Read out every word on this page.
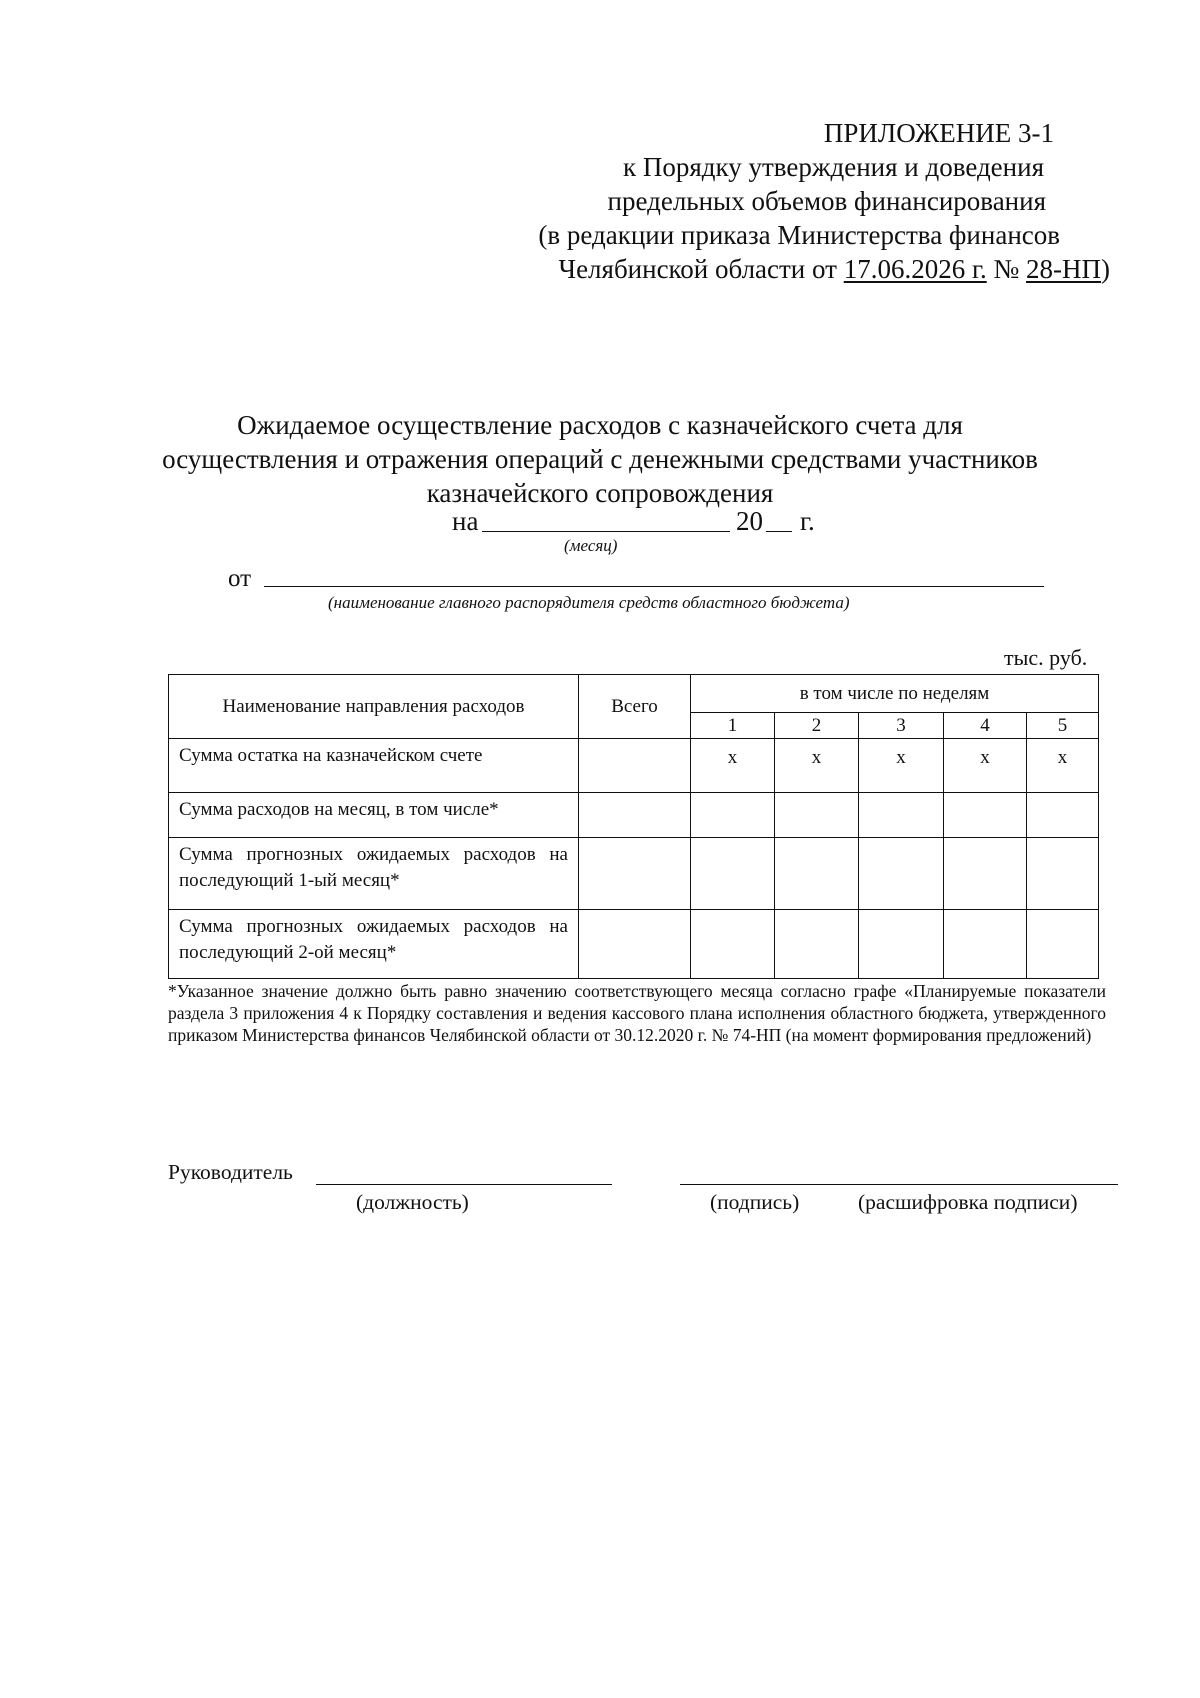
ПРИЛОЖЕНИЕ 3-1
к Порядку утверждения и доведения
предельных объемов финансирования
(в редакции приказа Министерства финансов
Челябинской области от 17.06.2026 г. № 28-НП)
Ожидаемое осуществление расходов с казначейского счета для
осуществления и отражения операций с денежными средствами участников
казначейского сопровождения
на	20 г.
(месяц)
от
(наименование главного распорядителя средств областного бюджета)
тыс. руб.
Наименование направления расходов	Всего	в том числе по неделям				
		1	2	3	4	5
Сумма остатка на казначейском счете		x	x	x	x	x
Сумма расходов на месяц, в том числе*						
Сумма прогнозных ожидаемых расходов на последующий 1-ый месяц*						
Сумма прогнозных ожидаемых расходов на последующий 2-ой месяц*						
*Указанное значение должно быть равно значению соответствующего месяца согласно графе «Планируемые показатели раздела 3 приложения 4 к Порядку составления и ведения кассового плана исполнения областного бюджета, утвержденного приказом Министерства финансов Челябинской области от 30.12.2020 г. № 74-НП (на момент формирования предложений)
Руководитель
(должность)	(подпись)	(расшифровка подписи)
